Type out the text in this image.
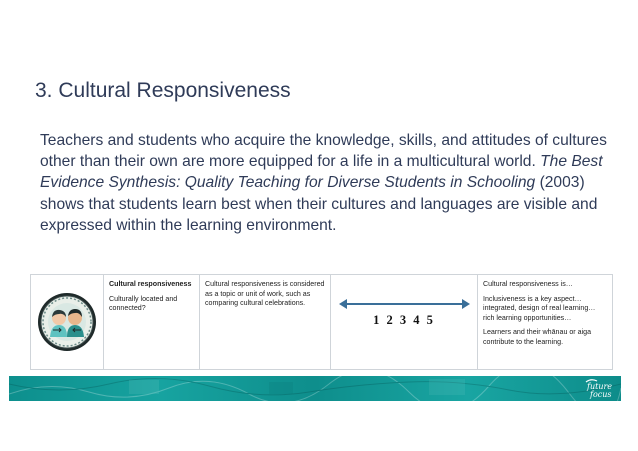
3. Cultural Responsiveness
Teachers and students who acquire the knowledge, skills, and attitudes of cultures other than their own are more equipped for a life in a multicultural world. The Best Evidence Synthesis: Quality Teaching for Diverse Students in Schooling (2003) shows that students learn best when their cultures and languages are visible and expressed within the learning environment.
Cultural responsiveness
Culturally located and connected?
Cultural responsiveness is considered as a topic or unit of work, such as comparing cultural celebrations.
1 2 3 4 5
Cultural responsiveness is…
Inclusiveness is a key aspect… integrated, design of real learning… rich learning opportunities…
Learners and their whānau or aiga contribute to the learning.
future
focus
